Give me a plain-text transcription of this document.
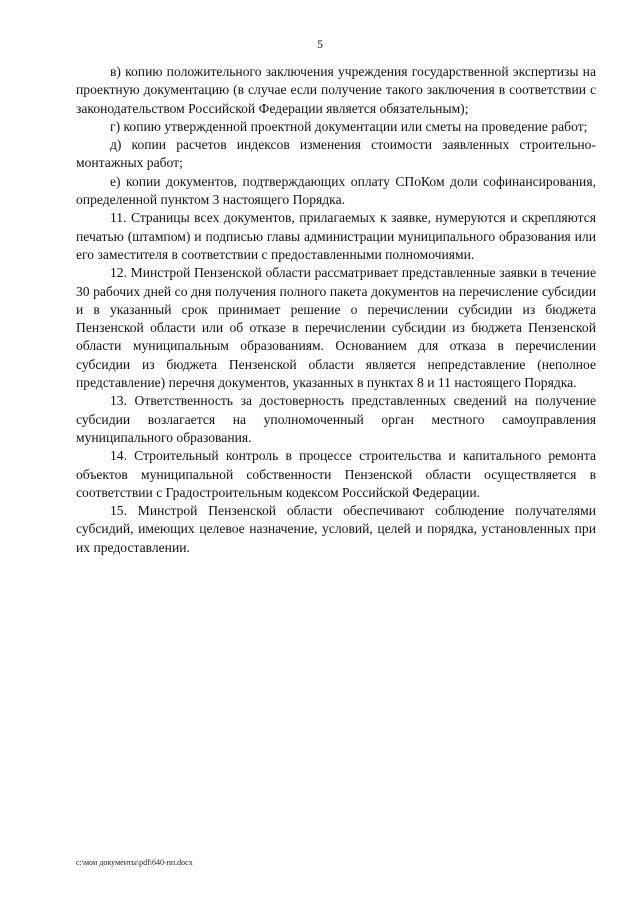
5

в) копию положительного заключения учреждения государственной экспертизы на проектную документацию (в случае если получение такого заключения в соответствии с законодательством Российской Федерации является обязательным);

г) копию утвержденной проектной документации или сметы на проведение работ;

д) копии расчетов индексов изменения стоимости заявленных строительно-монтажных работ;

е) копии документов, подтверждающих оплату СПоКом доли софинансирования, определенной пунктом 3 настоящего Порядка.

11. Страницы всех документов, прилагаемых к заявке, нумеруются и скрепляются печатью (штампом) и подписью главы администрации муниципального образования или его заместителя в соответствии с предоставленными полномочиями.

12. Минстрой Пензенской области рассматривает представленные заявки в течение 30 рабочих дней со дня получения полного пакета документов на перечисление субсидии и в указанный срок принимает решение о перечислении субсидии из бюджета Пензенской области или об отказе в перечислении субсидии из бюджета Пензенской области муниципальным образованиям. Основанием для отказа в перечислении субсидии из бюджета Пензенской области является непредставление (неполное представление) перечня документов, указанных в пунктах 8 и 11 настоящего Порядка.

13. Ответственность за достоверность представленных сведений на получение субсидии возлагается на уполномоченный орган местного самоуправления муниципального образования.

14. Строительный контроль в процессе строительства и капитального ремонта объектов муниципальной собственности Пензенской области осуществляется в соответствии с Градостроительным кодексом Российской Федерации.

15. Минстрой Пензенской области обеспечивают соблюдение получателями субсидий, имеющих целевое назначение, условий, целей и порядка, установленных при их предоставлении.

c:\мои документы\pdf\640-пп.docx
